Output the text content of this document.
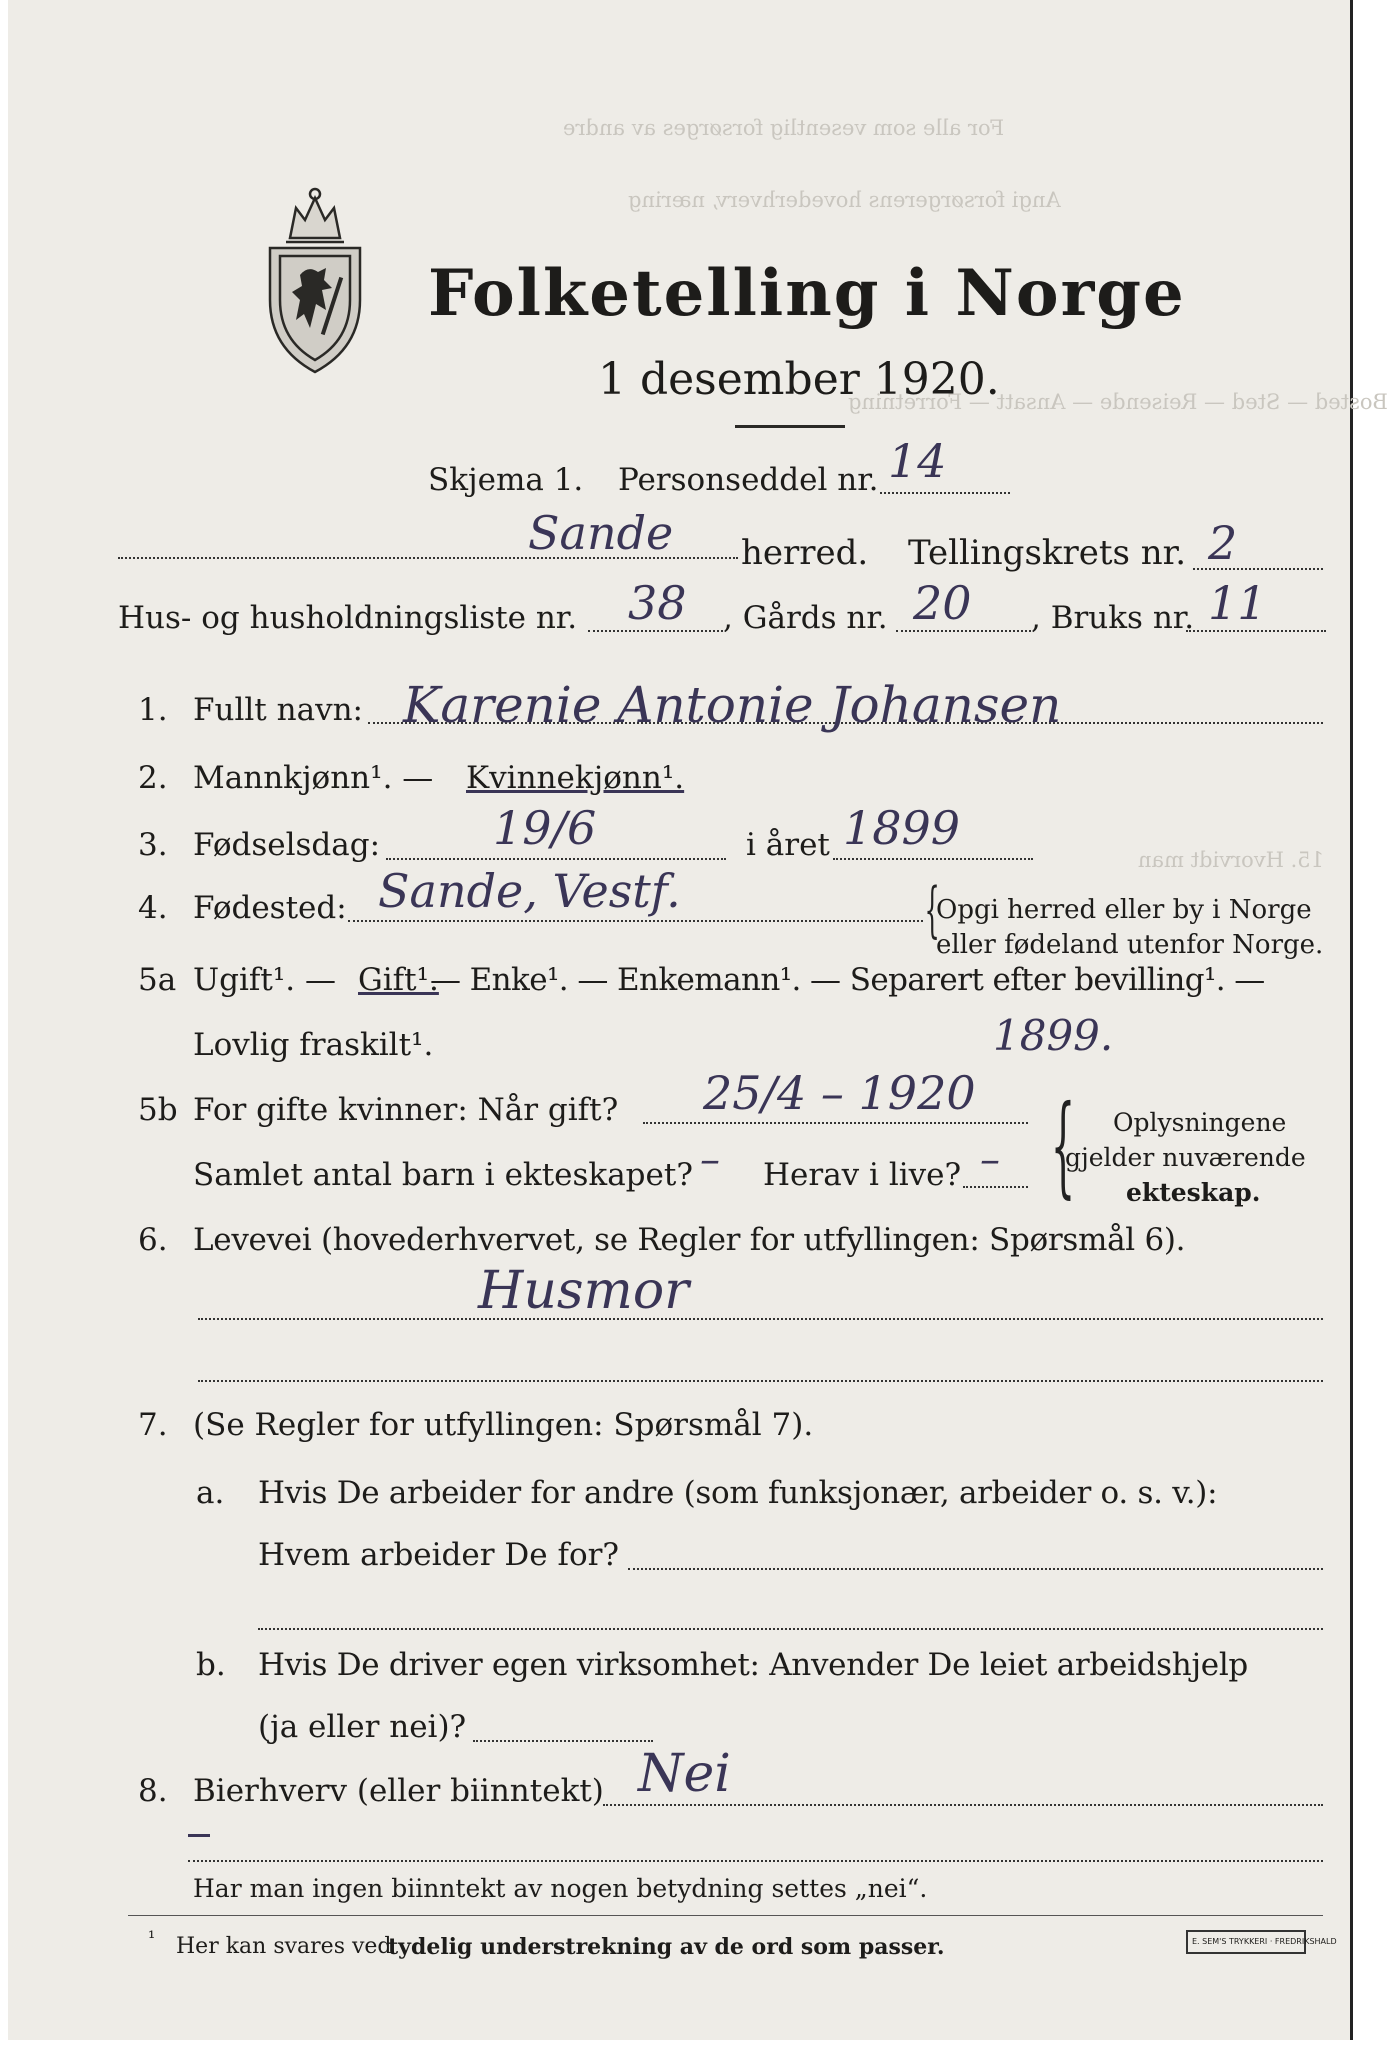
For alle som vesentlig forsørges av andre
Angi forsørgerens hovederhverv, næring
Bosted — Sted — Reisende — Ansatt — Forretning
15. Hvorvidt man
Folketelling i Norge
1 desember 1920.
Skjema 1. Personseddel nr. 14
Sande herred. Tellingskrets nr. 2
Hus- og husholdningsliste nr. 38 , Gårds nr. 20 , Bruks nr. 11
1. Fullt navn: Karenie Antonie Johansen
2. Mannkjønn¹. — Kvinnekjønn¹.
3. Fødselsdag: 19/6	i året 1899
4. Fødested: Sande, Vestf.	{
Opgi herred eller by i Norge
eller fødeland utenfor Norge.
5a Ugift¹. — Gift¹.
— Enke¹. — Enkemann¹. — Separert efter bevilling¹. —
Lovlig fraskilt¹.	1899.
5b For gifte kvinner: Når gift? 25/4 – 1920
Samlet antal barn i ekteskapet? – Herav i live? – { Oplysningene
gjelder nuværende
ekteskap.
6. Levevei (hovederhvervet, se Regler for utfyllingen: Spørsmål 6).
Husmor
7. (Se Regler for utfyllingen: Spørsmål 7).
a. Hvis De arbeider for andre (som funksjonær, arbeider o. s. v.):
Hvem arbeider De for?
b. Hvis De driver egen virksomhet: Anvender De leiet arbeidshjelp
(ja eller nei)?
8. Bierhverv (eller biinntekt) Nei
Har man ingen biinntekt av nogen betydning settes „nei“.
¹ Her kan svares ved
tydelig understrekning av de ord som passer.	E. SEM'S TRYKKERI · FREDRIKSHALD
